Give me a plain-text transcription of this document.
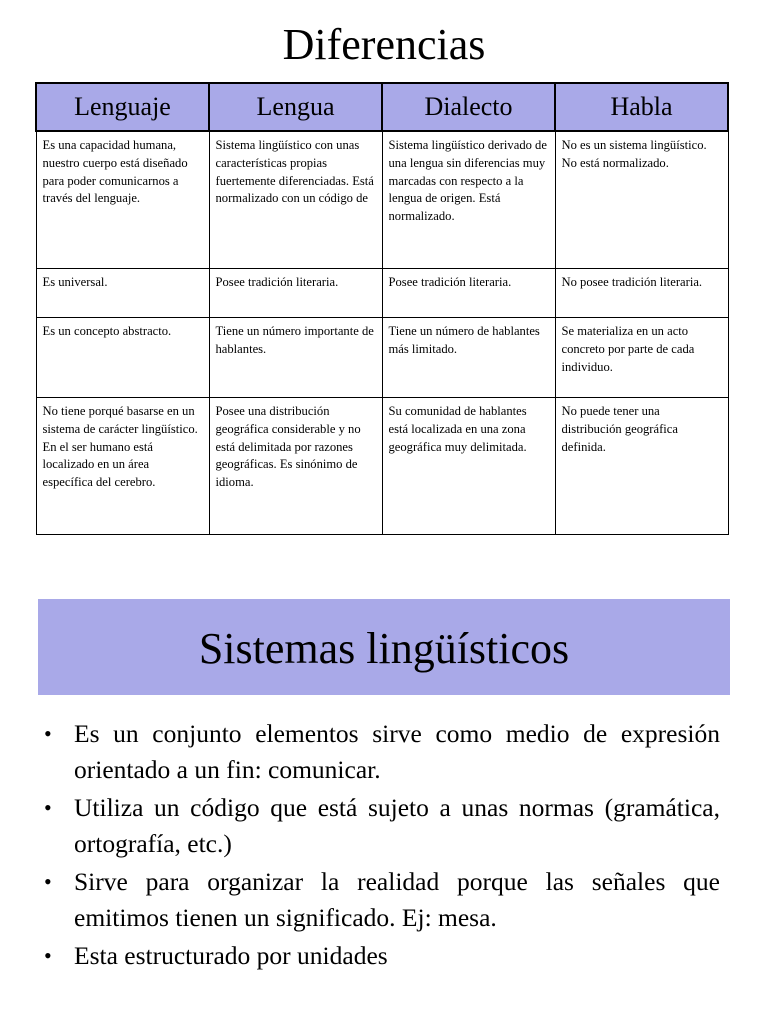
Diferencias
Lenguaje	Lengua	Dialecto	Habla

Es una capacidad humana, nuestro cuerpo está diseñado para poder comunicarnos a través del lenguaje.	Sistema lingüístico con unas características propias fuertemente diferenciadas. Está normalizado con un código de	Sistema lingüístico derivado de una lengua sin diferencias muy marcadas con respecto a la lengua de origen. Está normalizado.	No es un sistema lingüístico. No está normalizado.

Es universal.	Posee tradición literaria.	Posee tradición literaria.	No posee tradición literaria.

Es un concepto abstracto.	Tiene un número importante de hablantes.	Tiene un número de hablantes más limitado.	Se materializa en un acto concreto por parte de cada individuo.

No tiene porqué basarse en un sistema de carácter lingüístico. En el ser humano está localizado en un área específica del cerebro.	Posee una distribución geográfica considerable y no está delimitada por razones geográficas. Es sinónimo de idioma.	Su comunidad de hablantes está localizada en una zona geográfica muy delimitada.	No puede tener una distribución geográfica definida.
Sistemas lingüísticos
• Es un conjunto elementos sirve como medio de expresión orientado a un fin: comunicar.
• Utiliza un código que está sujeto a unas normas (gramática, ortografía, etc.)
• Sirve para organizar la realidad porque las señales que emitimos tienen un significado. Ej: mesa.
• Esta estructurado por unidades
